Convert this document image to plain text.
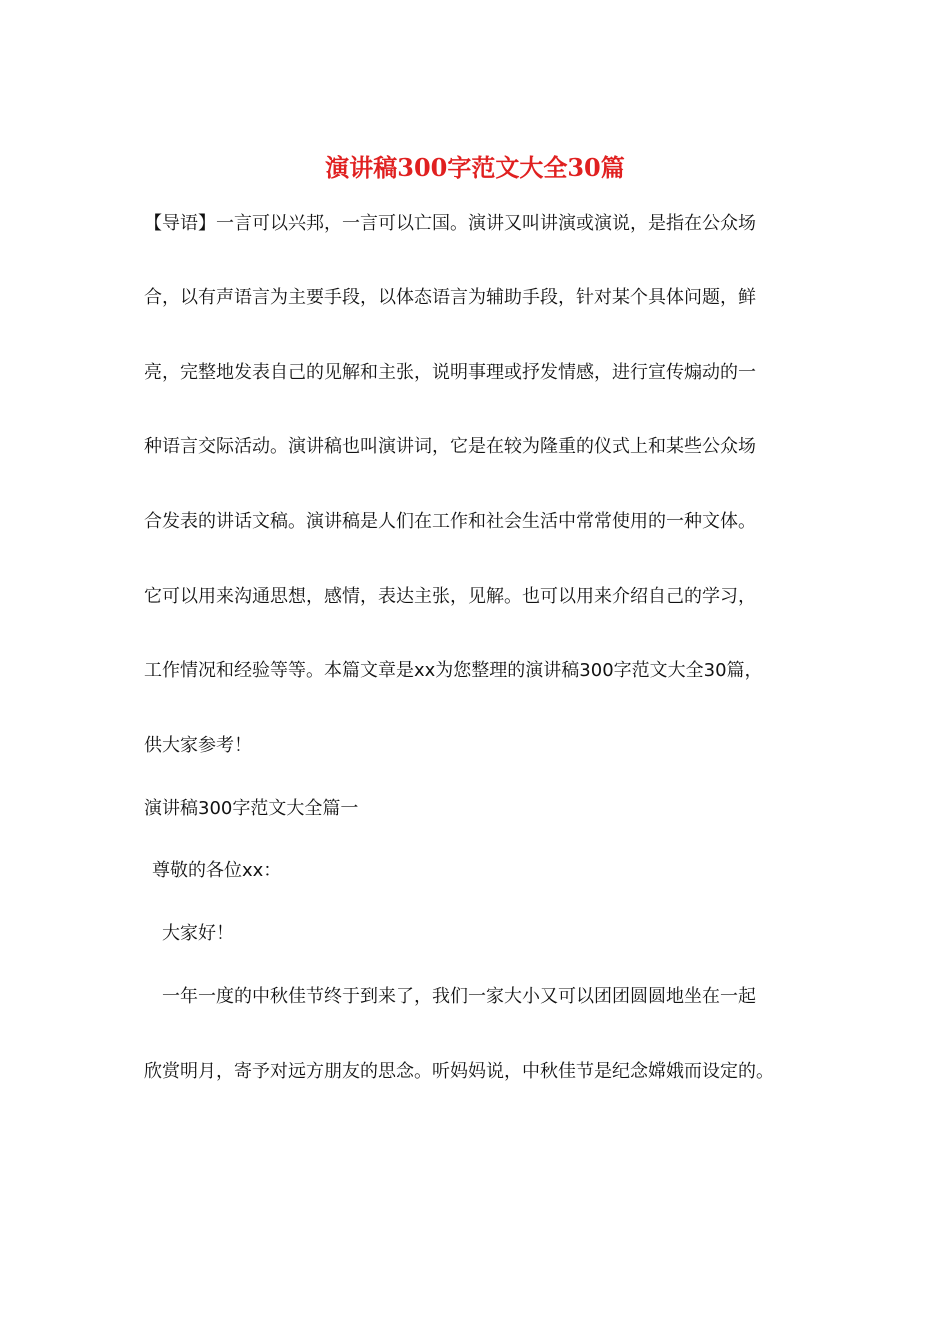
演讲稿300字范文大全30篇
【导语】一言可以兴邦，一言可以亡国。演讲又叫讲演或演说，是指在公众场
合，以有声语言为主要手段，以体态语言为辅助手段，针对某个具体问题，鲜
亮，完整地发表自己的见解和主张，说明事理或抒发情感，进行宣传煽动的一
种语言交际活动。演讲稿也叫演讲词，它是在较为隆重的仪式上和某些公众场
合发表的讲话文稿。演讲稿是人们在工作和社会生活中常常使用的一种文体。
它可以用来沟通思想，感情，表达主张，见解。也可以用来介绍自己的学习，
工作情况和经验等等。本篇文章是xx为您整理的演讲稿300字范文大全30篇，
供大家参考！
演讲稿300字范文大全篇一
尊敬的各位xx：
大家好！
一年一度的中秋佳节终于到来了，我们一家大小又可以团团圆圆地坐在一起
欣赏明月，寄予对远方朋友的思念。听妈妈说，中秋佳节是纪念嫦娥而设定的。
